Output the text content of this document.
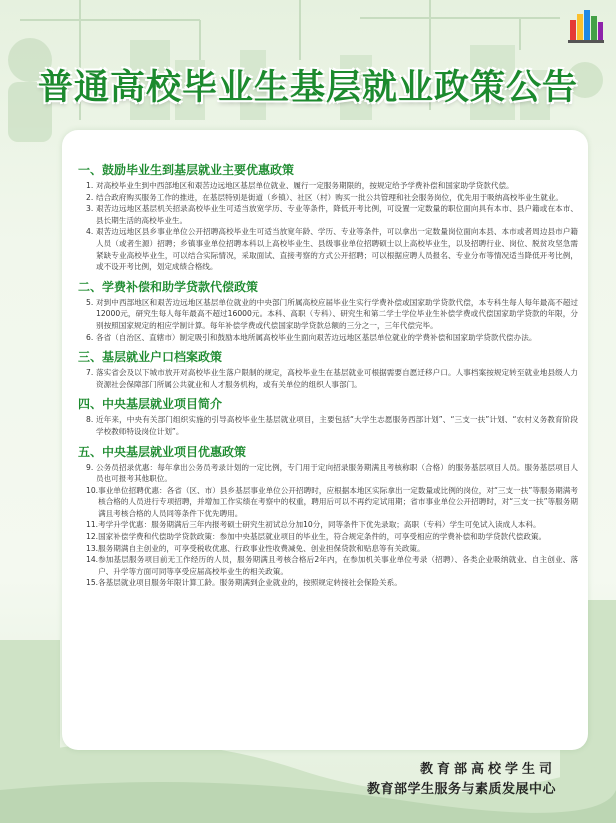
普通高校毕业生基层就业政策公告
一、鼓励毕业生到基层就业主要优惠政策
1. 对高校毕业生到中西部地区和艰苦边远地区基层单位就业、履行一定服务期限的，按规定给予学费补偿和国家助学贷款代偿。
2. 结合政府购买服务工作的推进，在基层特别是街道（乡镇）、社区（村）购买一批公共管理和社会服务岗位，优先用于吸纳高校毕业生就业。
3. 艰苦边远地区基层机关招录高校毕业生可适当放宽学历、专业等条件，降低开考比例，可设置一定数量的职位面向具有本市、县户籍或在本市、县长期生活的高校毕业生。
4. 艰苦边远地区县乡事业单位公开招聘高校毕业生可适当放宽年龄、学历、专业等条件，可以拿出一定数量岗位面向本县、本市或者周边县市户籍人员（或者生源）招聘；乡镇事业单位招聘本科以上高校毕业生、县级事业单位招聘硕士以上高校毕业生，以及招聘行业、岗位、脱贫攻坚急需紧缺专业高校毕业生，可以结合实际情况，采取面试、直接考察的方式公开招聘；可以根据应聘人员报名、专业分布等情况适当降低开考比例，或不设开考比例，划定成绩合格线。
二、学费补偿和助学贷款代偿政策
5. 对到中西部地区和艰苦边远地区基层单位就业的中央部门所属高校应届毕业生实行学费补偿或国家助学贷款代偿，本专科生每人每年最高不超过12000元，研究生每人每年最高不超过16000元。本科、高职（专科）、研究生和第二学士学位毕业生补偿学费或代偿国家助学贷款的年限，分别按照国家规定的相应学制计算。每年补偿学费或代偿国家助学贷款总额的三分之一，三年代偿完毕。
6. 各省（自治区、直辖市）制定吸引和鼓励本地所属高校毕业生面向艰苦边远地区基层单位就业的学费补偿和国家助学贷款代偿办法。
三、基层就业户口档案政策
7. 落实省会及以下城市放开对高校毕业生落户限制的规定，高校毕业生在基层就业可根据需要自愿迁移户口。人事档案按规定转至就业地县级人力资源社会保障部门所属公共就业和人才服务机构，或有关单位的组织人事部门。
四、中央基层就业项目简介
8. 近年来，中央有关部门组织实施的引导高校毕业生基层就业项目，主要包括“大学生志愿服务西部计划”、“三支一扶”计划、“农村义务教育阶段学校教师特设岗位计划”。
五、中央基层就业项目优惠政策
9. 公务员招录优惠：每年拿出公务员考录计划的一定比例，专门用于定向招录服务期满且考核称职（合格）的服务基层项目人员。服务基层项目人员也可报考其他职位。
10. 事业单位招聘优惠：各省（区、市）县乡基层事业单位公开招聘时，应根据本地区实际拿出一定数量或比例的岗位，对“三支一扶”等服务期满考核合格的人员进行专项招聘，并增加工作实绩在考察中的权重，聘用后可以不再约定试用期；省市事业单位公开招聘时，对“三支一扶”等服务期满且考核合格的人员同等条件下优先聘用。
11. 考学升学优惠：服务期满后三年内报考硕士研究生初试总分加10分，同等条件下优先录取；高职（专科）学生可免试入读成人本科。
12. 国家补偿学费和代偿助学贷款政策：参加中央基层就业项目的毕业生，符合规定条件的，可享受相应的学费补偿和助学贷款代偿政策。
13. 服务期满自主创业的，可享受税收优惠、行政事业性收费减免、创业担保贷款和贴息等有关政策。
14. 参加基层服务项目前无工作经历的人员，服务期满且考核合格后2年内，在参加机关事业单位考录（招聘）、各类企业吸纳就业、自主创业、落户、升学等方面可同等享受应届高校毕业生的相关政策。
15. 各基层就业项目服务年限计算工龄。服务期满到企业就业的，按照规定转接社会保险关系。
教育部高校学生司
教育部学生服务与素质发展中心
